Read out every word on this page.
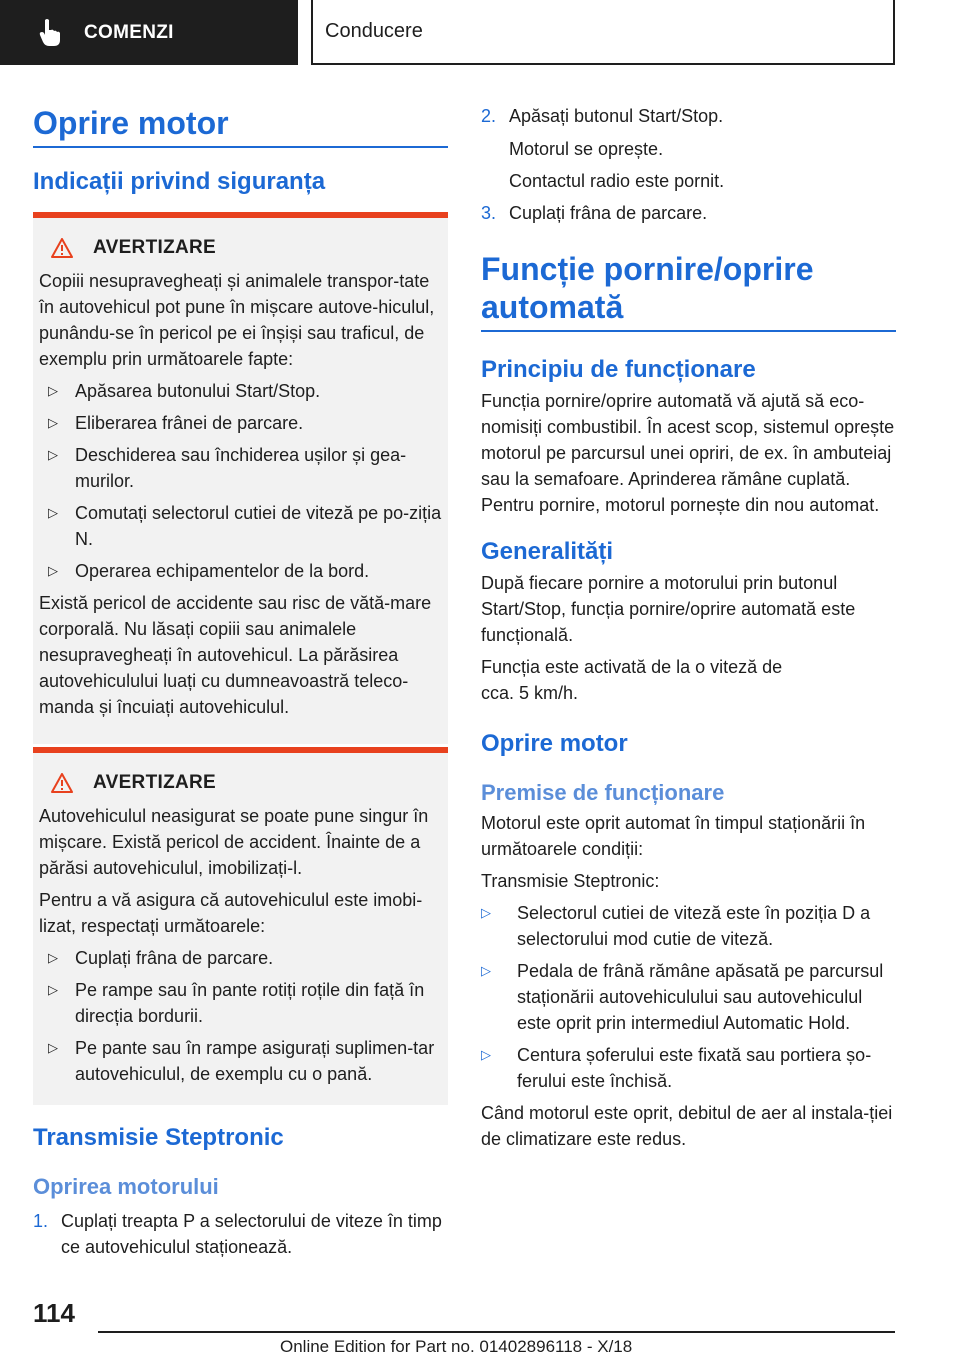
COMENZI	Conducere
Oprire motor
Indicații privind siguranța
AVERTIZARE
Copiii nesupravegheați și animalele transpor-tate în autovehicul pot pune în mișcare autove-hiculul, punându-se în pericol pe ei înșiși sau traficul, de exemplu prin următoarele fapte:
▷ Apăsarea butonului Start/Stop.
▷ Eliberarea frânei de parcare.
▷ Deschiderea sau închiderea ușilor și gea-murilor.
▷ Comutați selectorul cutiei de viteză pe po-ziția N.
▷ Operarea echipamentelor de la bord.
Există pericol de accidente sau risc de vătă-mare corporală. Nu lăsați copiii sau animalele nesupravegheați în autovehicul. La părăsirea autovehiculului luați cu dumneavoastră teleco-manda și încuiați autovehiculul.
AVERTIZARE
Autovehiculul neasigurat se poate pune singur în mișcare. Există pericol de accident. Înainte de a părăsi autovehiculul, imobilizați-l.
Pentru a vă asigura că autovehiculul este imobi-lizat, respectați următoarele:
▷ Cuplați frâna de parcare.
▷ Pe rampe sau în pante rotiți roțile din față în direcția bordurii.
▷ Pe pante sau în rampe asigurați suplimen-tar autovehiculul, de exemplu cu o pană.
Transmisie Steptronic
Oprirea motorului
1. Cuplați treapta P a selectorului de viteze în timp ce autovehiculul staționează.
2. Apăsați butonul Start/Stop.
Motorul se oprește.
Contactul radio este pornit.
3. Cuplați frâna de parcare.
Funcție pornire/oprire automată
Principiu de funcționare
Funcția pornire/oprire automată vă ajută să eco-nomisiți combustibil. În acest scop, sistemul oprește motorul pe parcursul unei opriri, de ex. în ambuteiaj sau la semafoare. Aprinderea rămâne cuplată. Pentru pornire, motorul pornește din nou automat.
Generalități
După fiecare pornire a motorului prin butonul Start/Stop, funcția pornire/oprire automată este funcțională.
Funcția este activată de la o viteză de cca. 5 km/h.
Oprire motor
Premise de funcționare
Motorul este oprit automat în timpul staționării în următoarele condiții:
Transmisie Steptronic:
▷	Selectorul cutiei de viteză este în poziția D a selectorului mod cutie de viteză.
▷	Pedala de frână rămâne apăsată pe parcursul staționării autovehiculului sau autovehiculul este oprit prin intermediul Automatic Hold.
▷	Centura șoferului este fixată sau portiera șo-ferului este închisă.
Când motorul este oprit, debitul de aer al instala-ției de climatizare este redus.
114
Online Edition for Part no. 01402896118 - X/18
